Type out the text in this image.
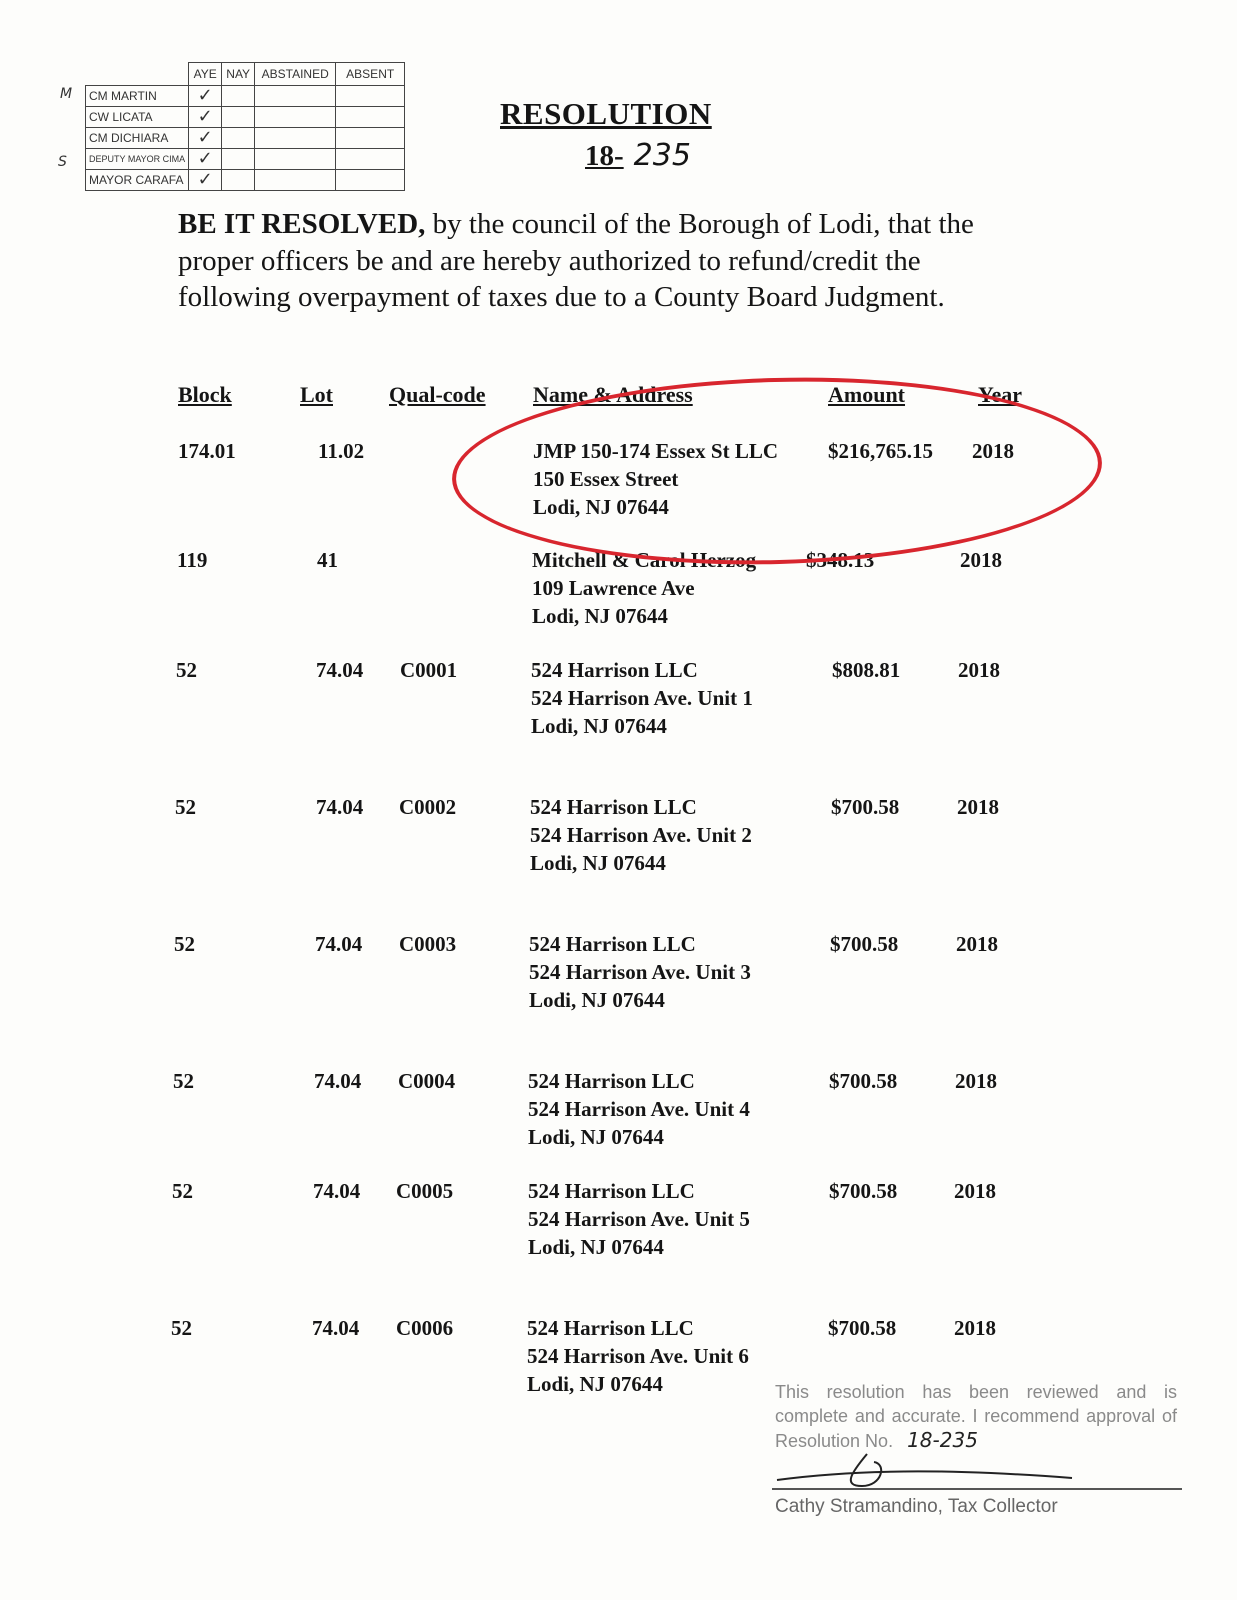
	AYE	NAY	ABSTAINED	ABSENT
CM MARTIN	✓			
CW LICATA	✓			
CM DICHIARA	✓			
DEPUTY MAYOR CIMA	✓			
MAYOR CARAFA	✓			
M
S
RESOLUTION
18- 235
BE IT RESOLVED, by the council of the Borough of Lodi, that the proper officers be and are hereby authorized to refund/credit the following overpayment of taxes due to a County Board Judgment.
Block	Lot	Qual-code Name & Address	Amount	Year
174.01	11.02	JMP 150-174 Essex St LLC
150 Essex Street
Lodi, NJ 07644
$216,765.15 2018
119	41	Mitchell & Carol Herzog
109 Lawrence Ave
Lodi, NJ 07644
$348.13	2018
52	74.04 C0001	524 Harrison LLC
524 Harrison Ave. Unit 1
Lodi, NJ 07644
$808.81	2018
52	74.04 C0002	524 Harrison LLC
524 Harrison Ave. Unit 2
Lodi, NJ 07644
$700.58	2018
52	74.04 C0003	524 Harrison LLC
524 Harrison Ave. Unit 3
Lodi, NJ 07644
$700.58	2018
52	74.04 C0004	524 Harrison LLC
524 Harrison Ave. Unit 4
Lodi, NJ 07644
$700.58	2018
52	74.04 C0005	524 Harrison LLC
524 Harrison Ave. Unit 5
Lodi, NJ 07644
$700.58	2018
52	74.04 C0006	524 Harrison LLC
524 Harrison Ave. Unit 6
Lodi, NJ 07644
$700.58	2018
This resolution has been reviewed and is complete and accurate. I recommend approval of Resolution No. 18-235
Cathy Stramandino, Tax Collector
